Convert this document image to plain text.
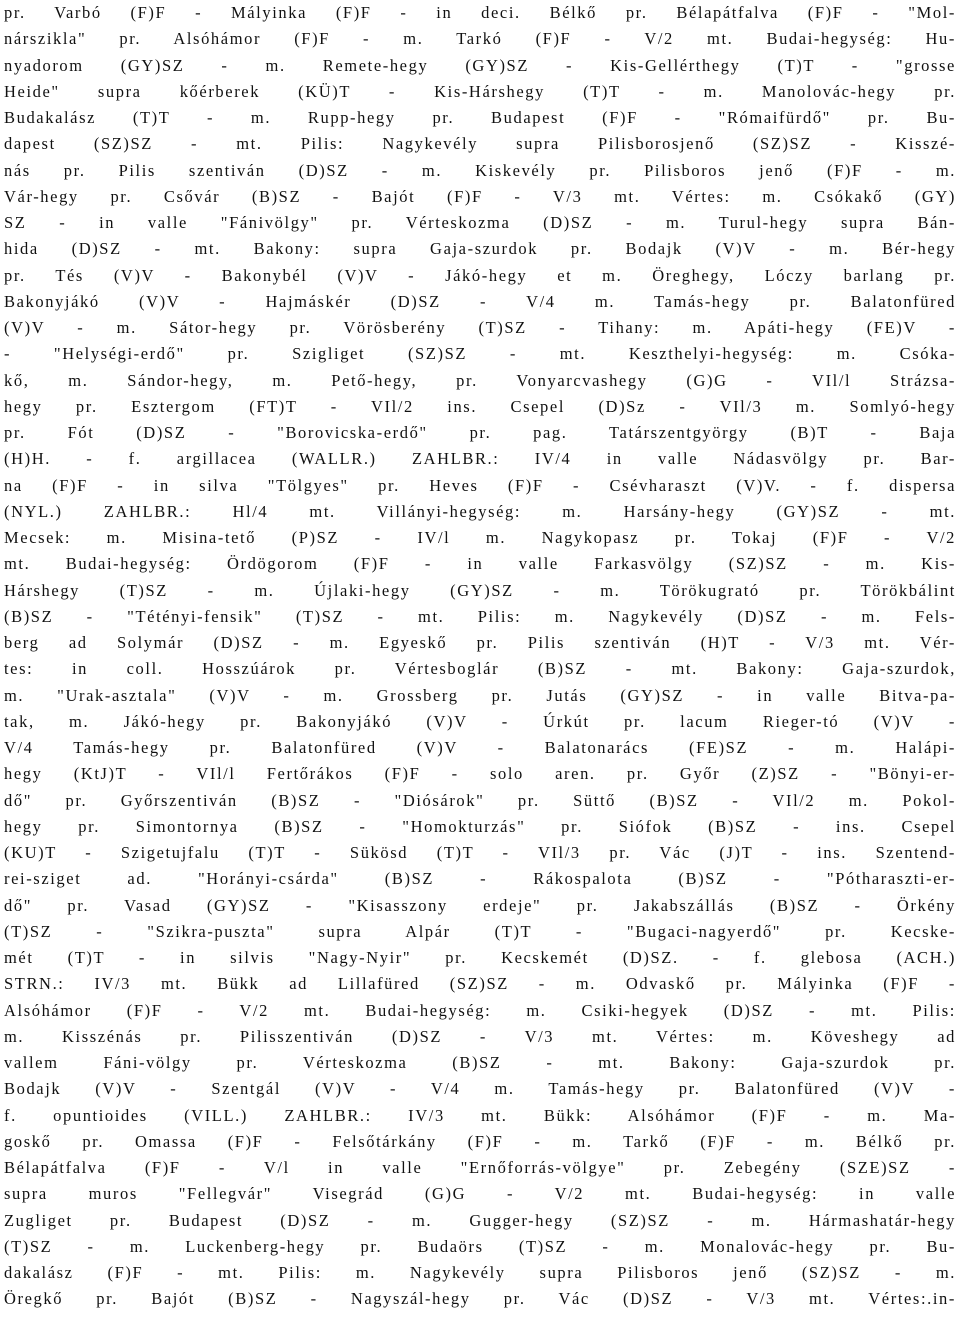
pr. Varbó (F)F - Mályinka (F)F - in deci. Bélkő pr. Bélapátfalva (F)F - "Mol-
nárszikla" pr. Alsóhámor (F)F - m. Tarkó (F)F - V/2 mt. Budai-hegység: Hu-
nyadorom (GY)SZ - m. Remete-hegy (GY)SZ - Kis-Gellérthegy (T)T - "grosse
Heide" supra kőérberek (KÜ)T - Kis-Hárshegy (T)T - m. Manolovác-hegy pr.
Budakalász (T)T - m. Rupp-hegy pr. Budapest (F)F - "Rómaifürdő" pr. Bu-
dapest (SZ)SZ - mt. Pilis: Nagykevély supra Pilisborosjenő (SZ)SZ - Kisszé-
nás pr. Pilis szentiván (D)SZ - m. Kiskevély pr. Pilisboros jenő (F)F - m.
Vár-hegy pr. Csővár (B)SZ - Bajót (F)F - V/3 mt. Vértes: m. Csókakő (GY)
SZ - in valle "Fánivölgy" pr. Vérteskozma (D)SZ - m. Turul-hegy supra Bán-
hida (D)SZ - mt. Bakony: supra Gaja-szurdok pr. Bodajk (V)V - m. Bér-hegy
pr. Tés (V)V - Bakonybél (V)V - Jákó-hegy et m. Öreghegy, Lóczy barlang pr.
Bakonyjákó (V)V - Hajmáskér (D)SZ - V/4 m. Tamás-hegy pr. Balatonfüred
(V)V - m. Sátor-hegy pr. Vörösberény (T)SZ - Tihany: m. Apáti-hegy (FE)V -
- "Helységi-erdő" pr. Szigliget (SZ)SZ - mt. Keszthelyi-hegység: m. Csóka-
kő, m. Sándor-hegy, m. Pető-hegy, pr. Vonyarcvashegy (G)G - VIl/l Strázsa-
hegy pr. Esztergom (FT)T - VIl/2 ins. Csepel (D)Sz - VIl/3 m. Somlyó-hegy
pr. Fót (D)SZ - "Borovicska-erdő" pr. pag. Tatárszentgyörgy (B)T - Baja
(H)H. - f. argillacea (WALLR.) ZAHLBR.: IV/4 in valle Nádasvölgy pr. Bar-
na (F)F - in silva "Tölgyes" pr. Heves (F)F - Csévharaszt (V)V. - f. dispersa
(NYL.) ZAHLBR.: Hl/4 mt. Villányi-hegység: m. Harsány-hegy (GY)SZ - mt.
Mecsek: m. Misina-tető (P)SZ - IV/l m. Nagykopasz pr. Tokaj (F)F - V/2
mt. Budai-hegység: Ördögorom (F)F - in valle Farkasvölgy (SZ)SZ - m. Kis-
Hárshegy (T)SZ - m. Újlaki-hegy (GY)SZ - m. Törökugrató pr. Törökbálint
(B)SZ - "Tétényi-fensik" (T)SZ - mt. Pilis: m. Nagykevély (D)SZ - m. Fels-
berg ad Solymár (D)SZ - m. Egyeskő pr. Pilis szentiván (H)T - V/3 mt. Vér-
tes: in coll. Hosszúárok pr. Vértesboglár (B)SZ - mt. Bakony: Gaja-szurdok,
m. "Urak-asztala" (V)V - m. Grossberg pr. Jutás (GY)SZ - in valle Bitva-pa-
tak, m. Jákó-hegy pr. Bakonyjákó (V)V - Úrkút pr. lacum Rieger-tó (V)V -
V/4 Tamás-hegy pr. Balatonfüred (V)V - Balatonarács (FE)SZ - m. Halápi-
hegy (KtJ)T - VIl/l Fertőrákos (F)F - solo aren. pr. Győr (Z)SZ - "Bönyi-er-
dő" pr. Győrszentiván (B)SZ - "Diósárok" pr. Süttő (B)SZ - VIl/2 m. Pokol-
hegy pr. Simontornya (B)SZ - "Homokturzás" pr. Siófok (B)SZ - ins. Csepel
(KU)T - Szigetujfalu (T)T - Sükösd (T)T - VIl/3 pr. Vác (J)T - ins. Szentend-
rei-sziget ad. "Horányi-csárda" (B)SZ - Rákospalota (B)SZ - "Pótharaszti-er-
dő" pr. Vasad (GY)SZ - "Kisasszony erdeje" pr. Jakabszállás (B)SZ - Örkény
(T)SZ - "Szikra-puszta" supra Alpár (T)T - "Bugaci-nagyerdő" pr. Kecske-
mét (T)T - in silvis "Nagy-Nyir" pr. Kecskemét (D)SZ. - f. glebosa (ACH.)
STRN.: IV/3 mt. Bükk ad Lillafüred (SZ)SZ - m. Odvaskő pr. Mályinka (F)F -
Alsóhámor (F)F - V/2 mt. Budai-hegység: m. Csiki-hegyek (D)SZ - mt. Pilis:
m. Kisszénás pr. Pilisszentiván (D)SZ - V/3 mt. Vértes: m. Köveshegy ad
vallem Fáni-völgy pr. Vérteskozma (B)SZ - mt. Bakony: Gaja-szurdok pr.
Bodajk (V)V - Szentgál (V)V - V/4 m. Tamás-hegy pr. Balatonfüred (V)V -
f. opuntioides (VILL.) ZAHLBR.: IV/3 mt. Bükk: Alsóhámor (F)F - m. Ma-
goskő pr. Omassa (F)F - Felsőtárkány (F)F - m. Tarkő (F)F - m. Bélkő pr.
Bélapátfalva (F)F - V/l in valle "Ernőforrás-völgye" pr. Zebegény (SZE)SZ -
supra muros "Fellegvár" Visegrád (G)G - V/2 mt. Budai-hegység: in valle
Zugliget pr. Budapest (D)SZ - m. Gugger-hegy (SZ)SZ - m. Hármashatár-hegy
(T)SZ - m. Luckenberg-hegy pr. Budaörs (T)SZ - m. Monalovác-hegy pr. Bu-
dakalász (F)F - mt. Pilis: m. Nagykevély supra Pilisboros jenő (SZ)SZ - m.
Öregkő pr. Bajót (B)SZ - Nagyszál-hegy pr. Vác (D)SZ - V/3 mt. Vértes:.in-
